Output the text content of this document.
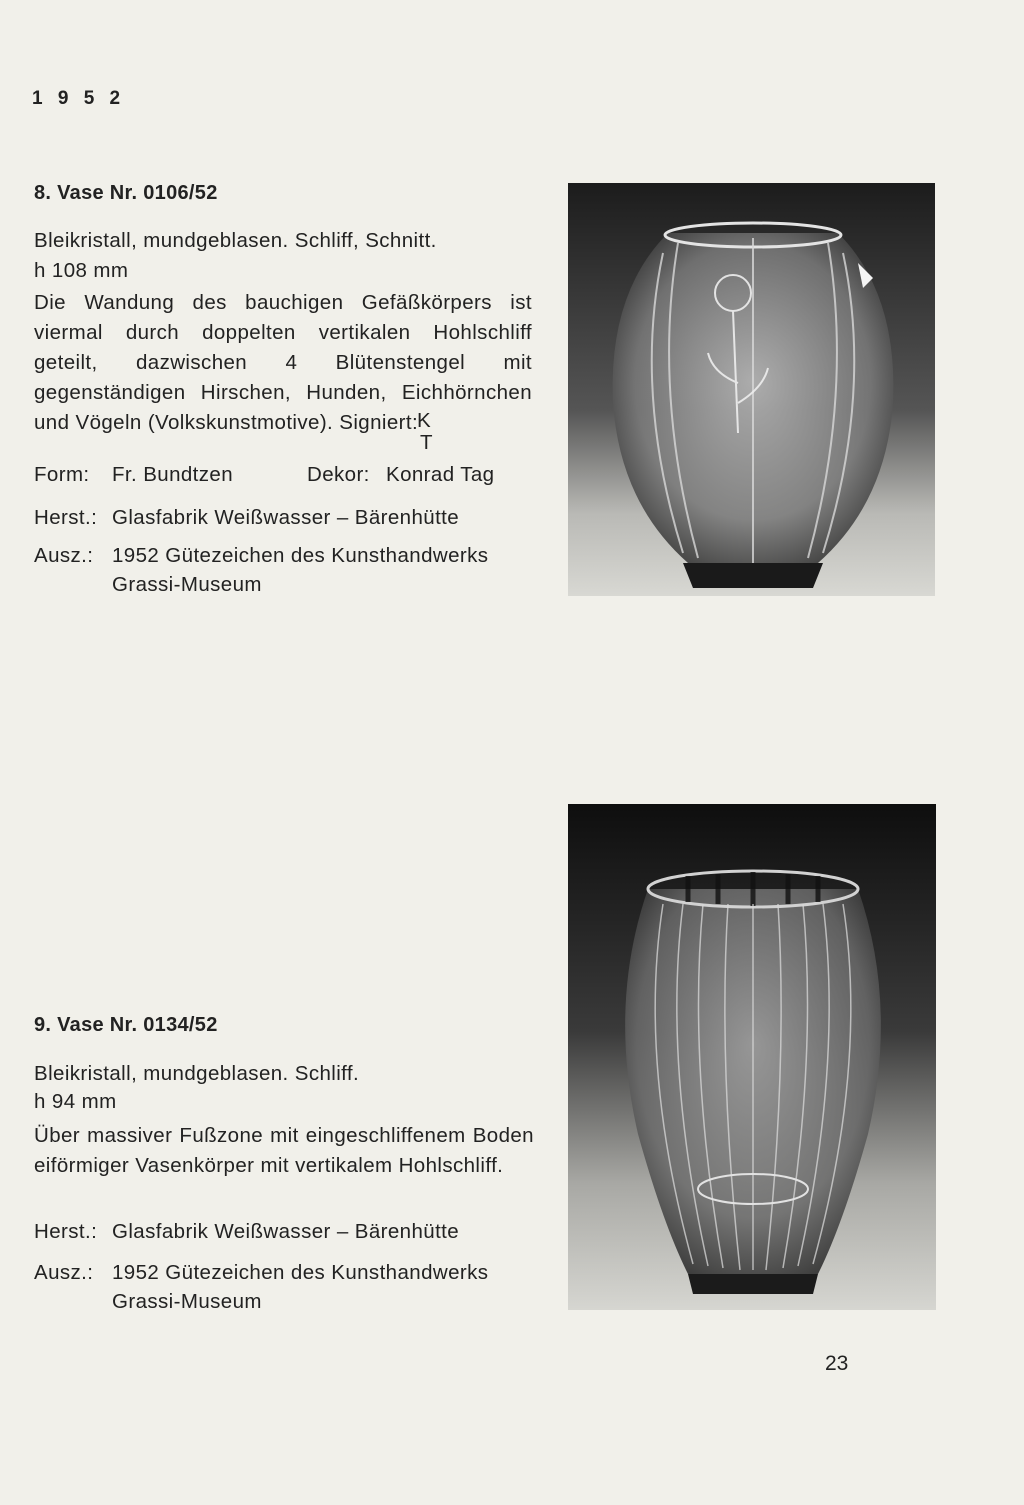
1 9 5 2
8. Vase Nr. 0106/52
Bleikristall, mundgeblasen. Schliff, Schnitt.
h 108 mm
Die Wandung des bauchigen Gefäßkörpers ist viermal durch doppelten vertikalen Hohlschliff geteilt, dazwischen 4 Blütenstengel mit gegenständigen Hirschen, Hunden, Eichhörnchen und Vögeln (Volkskunstmotive). Signiert:
K
T
Form: Fr. Bundtzen	Dekor: Konrad Tag
Herst.: Glasfabrik Weißwasser – Bärenhütte
Ausz.: 1952 Gütezeichen des Kunsthandwerks
Grassi-Museum
9. Vase Nr. 0134/52
Bleikristall, mundgeblasen. Schliff.
h 94 mm
Über massiver Fußzone mit eingeschliffenem Boden eiförmiger Vasenkörper mit vertikalem Hohlschliff.
Herst.: Glasfabrik Weißwasser – Bärenhütte
Ausz.: 1952 Gütezeichen des Kunsthandwerks
Grassi-Museum
23
